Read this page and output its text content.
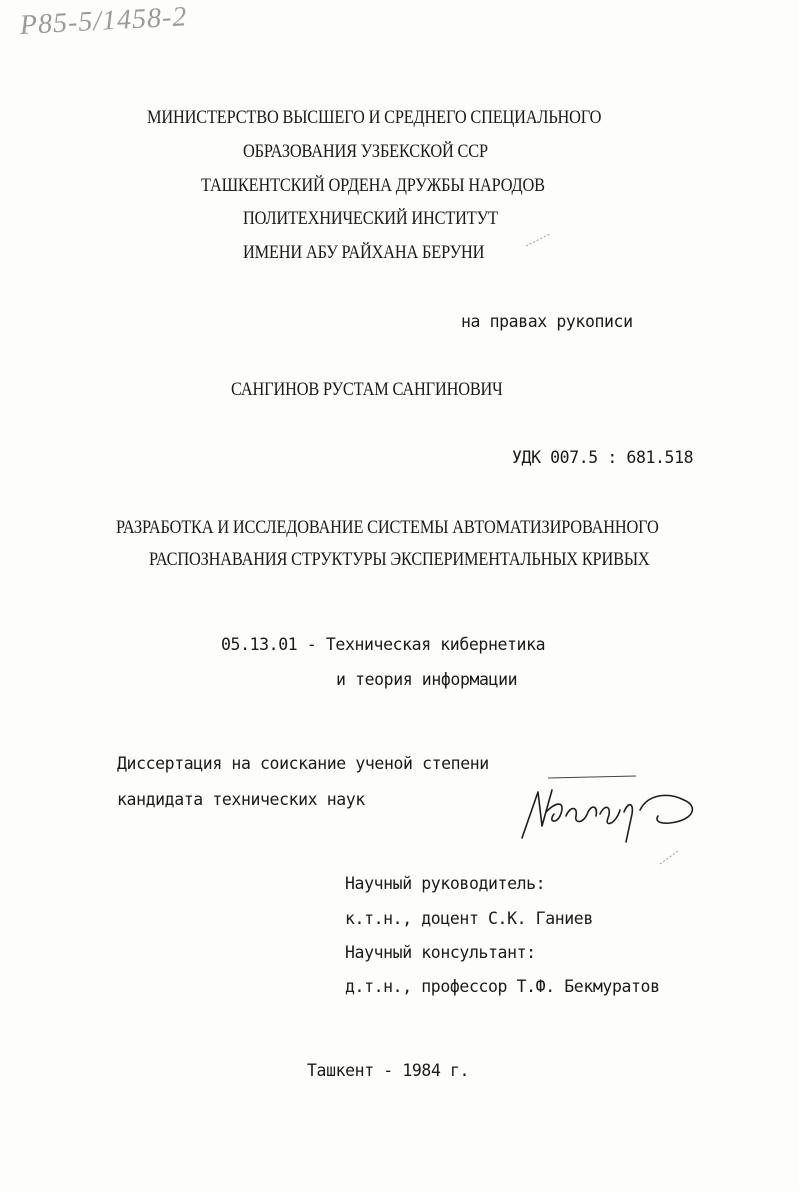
P85-5/1458-2
МИНИСТЕРСТВО ВЫСШЕГО И СРЕДНЕГО СПЕЦИАЛЬНОГО
ОБРАЗОВАНИЯ УЗБЕКСКОЙ ССР
ТАШКЕНТСКИЙ ОРДЕНА ДРУЖБЫ НАРОДОВ
ПОЛИТЕХНИЧЕСКИЙ ИНСТИТУТ
ИМЕНИ АБУ РАЙХАНА БЕРУНИ
на правах рукописи
САНГИНОВ РУСТАМ САНГИНОВИЧ
УДК 007.5 : 681.518
РАЗРАБОТКА И ИССЛЕДОВАНИЕ СИСТЕМЫ АВТОМАТИЗИРОВАННОГО
РАСПОЗНАВАНИЯ СТРУКТУРЫ ЭКСПЕРИМЕНТАЛЬНЫХ КРИВЫХ
05.13.01 - Техническая кибернетика
и теория информации
Диссертация на соискание ученой степени
кандидата технических наук
Научный руководитель:
к.т.н., доцент С.К. Ганиев
Научный консультант:
д.т.н., профессор Т.Ф. Бекмуратов
Ташкент - 1984 г.
